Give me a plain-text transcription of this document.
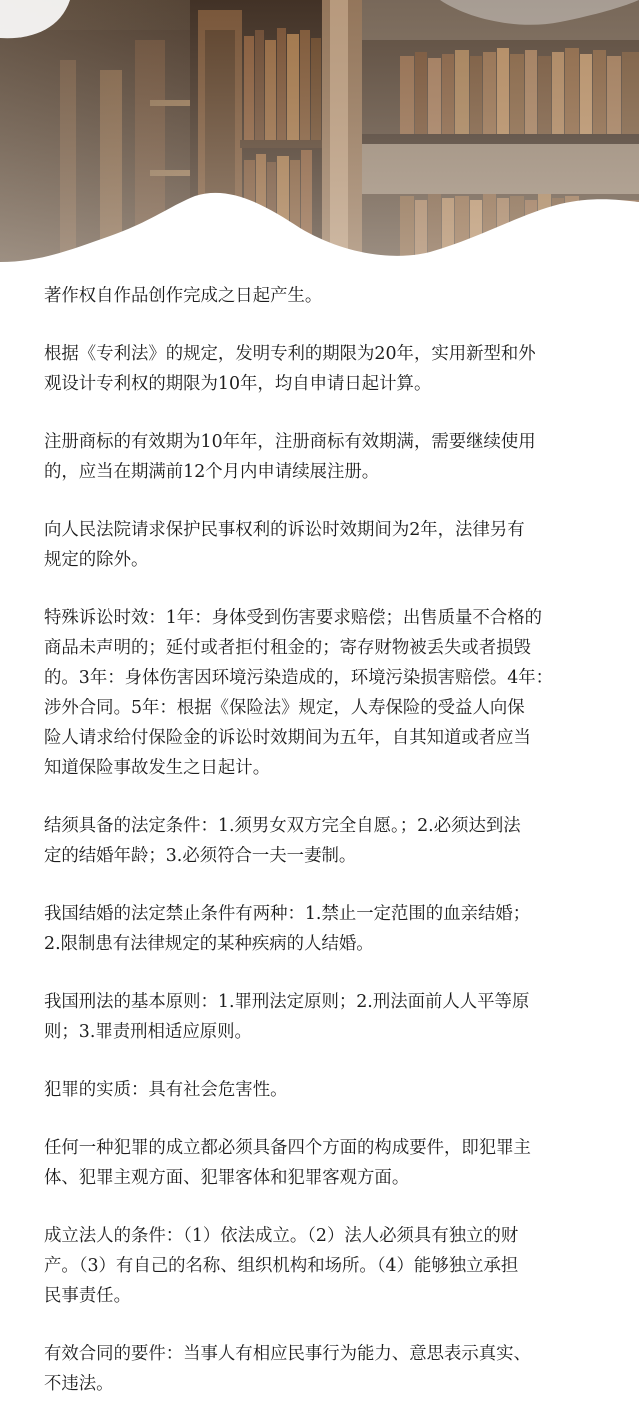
著作权自作品创作完成之日起产生。

根据《专利法》的规定，发明专利的期限为20年，实用新型和外
观设计专利权的期限为10年，均自申请日起计算。

注册商标的有效期为10年年，注册商标有效期满，需要继续使用
的，应当在期满前12个月内申请续展注册。

向人民法院请求保护民事权利的诉讼时效期间为2年，法律另有
规定的除外。

特殊诉讼时效：1年：身体受到伤害要求赔偿；出售质量不合格的
商品未声明的；延付或者拒付租金的；寄存财物被丢失或者损毁
的。3年：身体伤害因环境污染造成的，环境污染损害赔偿。4年：
涉外合同。5年：根据《保险法》规定，人寿保险的受益人向保
险人请求给付保险金的诉讼时效期间为五年，自其知道或者应当
知道保险事故发生之日起计。

结须具备的法定条件：1.须男女双方完全自愿。；2.必须达到法
定的结婚年龄；3.必须符合一夫一妻制。

我国结婚的法定禁止条件有两种：1.禁止一定范围的血亲结婚；
2.限制患有法律规定的某种疾病的人结婚。

我国刑法的基本原则：1.罪刑法定原则；2.刑法面前人人平等原
则；3.罪责刑相适应原则。

犯罪的实质：具有社会危害性。

任何一种犯罪的成立都必须具备四个方面的构成要件，即犯罪主
体、犯罪主观方面、犯罪客体和犯罪客观方面。

成立法人的条件：（1）依法成立。（2）法人必须具有独立的财
产。（3）有自己的名称、组织机构和场所。（4）能够独立承担
民事责任。

有效合同的要件：当事人有相应民事行为能力、意思表示真实、
不违法。
